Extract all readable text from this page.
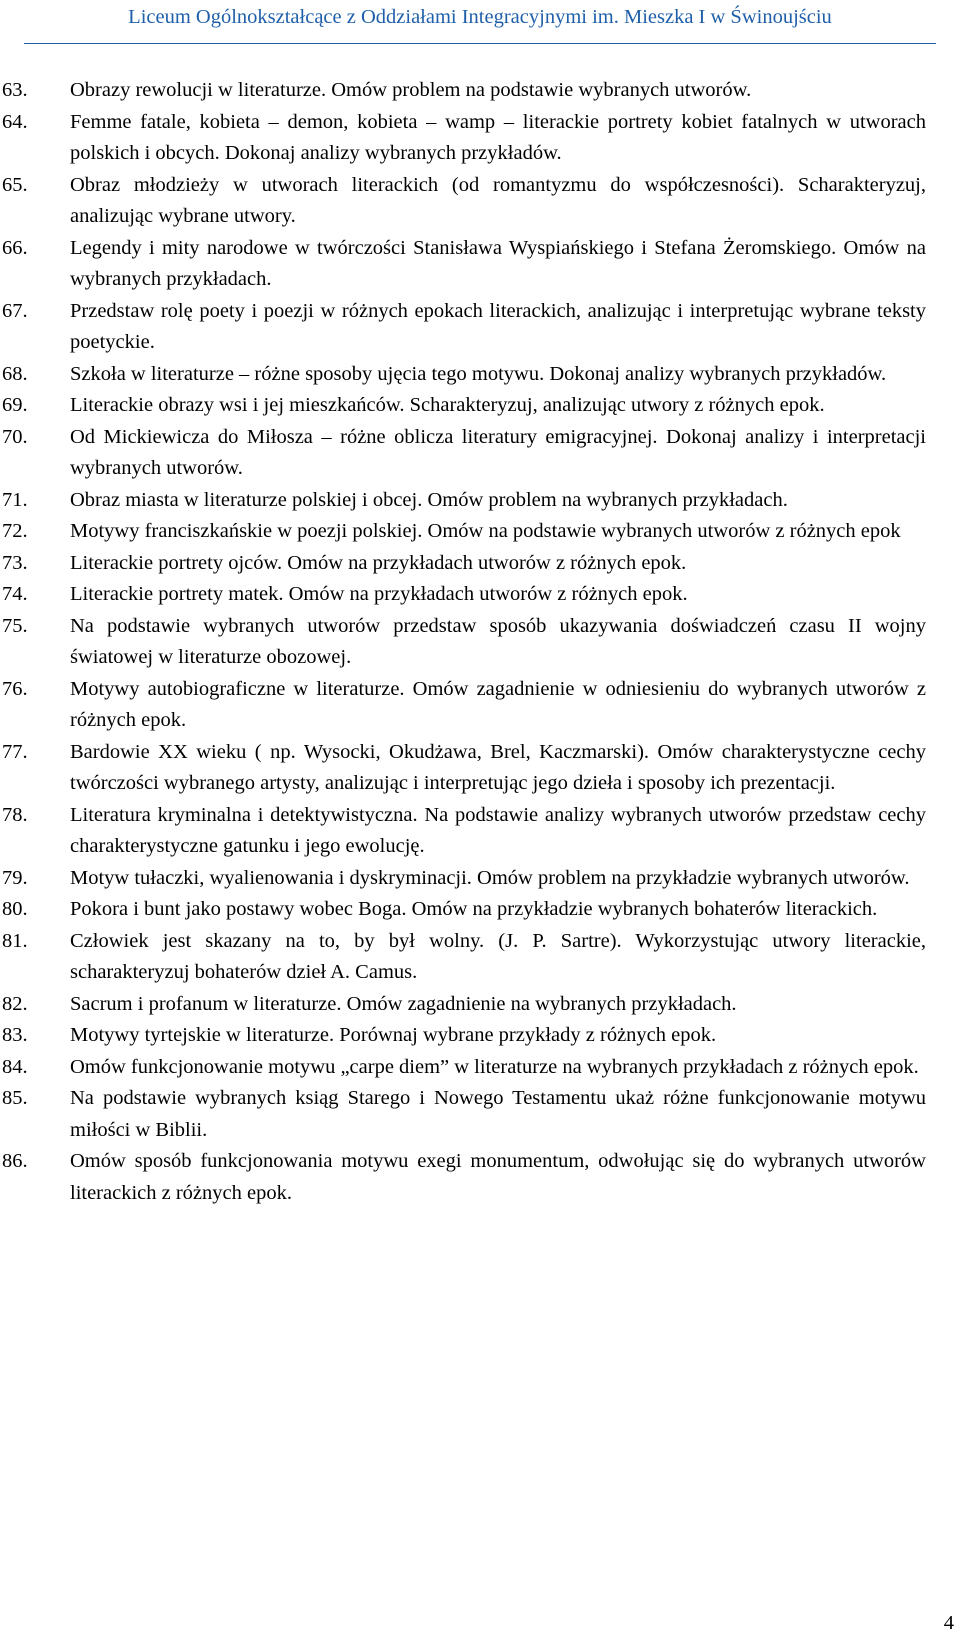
Liceum Ogólnokształcące z Oddziałami Integracyjnymi im. Mieszka I w Świnoujściu
63. Obrazy rewolucji w literaturze. Omów problem na podstawie wybranych utworów.
64. Femme fatale, kobieta – demon, kobieta – wamp – literackie portrety kobiet fatalnych w utworach polskich i obcych. Dokonaj analizy wybranych przykładów.
65. Obraz młodzieży w utworach literackich (od romantyzmu do współczesności). Scharakteryzuj, analizując wybrane utwory.
66. Legendy i mity narodowe w twórczości Stanisława Wyspiańskiego i Stefana Żeromskiego. Omów na wybranych przykładach.
67. Przedstaw rolę poety i poezji w różnych epokach literackich, analizując i interpretując wybrane teksty poetyckie.
68. Szkoła w literaturze – różne sposoby ujęcia tego motywu. Dokonaj analizy wybranych przykładów.
69. Literackie obrazy wsi i jej mieszkańców. Scharakteryzuj, analizując utwory z różnych epok.
70. Od Mickiewicza do Miłosza – różne oblicza literatury emigracyjnej. Dokonaj analizy i interpretacji wybranych utworów.
71. Obraz miasta w literaturze polskiej i obcej. Omów problem na wybranych przykładach.
72. Motywy franciszkańskie w poezji polskiej. Omów na podstawie wybranych utworów z różnych epok
73. Literackie portrety ojców. Omów na przykładach utworów z różnych epok.
74. Literackie portrety matek. Omów na przykładach utworów z różnych epok.
75. Na podstawie wybranych utworów przedstaw sposób ukazywania doświadczeń czasu II wojny światowej w literaturze obozowej.
76. Motywy autobiograficzne w literaturze. Omów zagadnienie w odniesieniu do wybranych utworów z różnych epok.
77. Bardowie XX wieku ( np. Wysocki, Okudżawa, Brel, Kaczmarski). Omów charakterystyczne cechy twórczości wybranego artysty, analizując i interpretując jego dzieła i sposoby ich prezentacji.
78. Literatura kryminalna i detektywistyczna. Na podstawie analizy wybranych utworów przedstaw cechy charakterystyczne gatunku i jego ewolucję.
79. Motyw tułaczki, wyalienowania i dyskryminacji. Omów problem na przykładzie wybranych utworów.
80. Pokora i bunt jako postawy wobec Boga. Omów na przykładzie wybranych bohaterów literackich.
81. Człowiek jest skazany na to, by był wolny. (J. P. Sartre). Wykorzystując utwory literackie, scharakteryzuj bohaterów dzieł A. Camus.
82. Sacrum i profanum w literaturze. Omów zagadnienie na wybranych przykładach.
83. Motywy tyrtejskie w literaturze. Porównaj wybrane przykłady z różnych epok.
84. Omów funkcjonowanie motywu „carpe diem” w literaturze na wybranych przykładach z różnych epok.
85. Na podstawie wybranych ksiąg Starego i Nowego Testamentu ukaż różne funkcjonowanie motywu miłości w Biblii.
86. Omów sposób funkcjonowania motywu exegi monumentum, odwołując się do wybranych utworów literackich z różnych epok.
4
